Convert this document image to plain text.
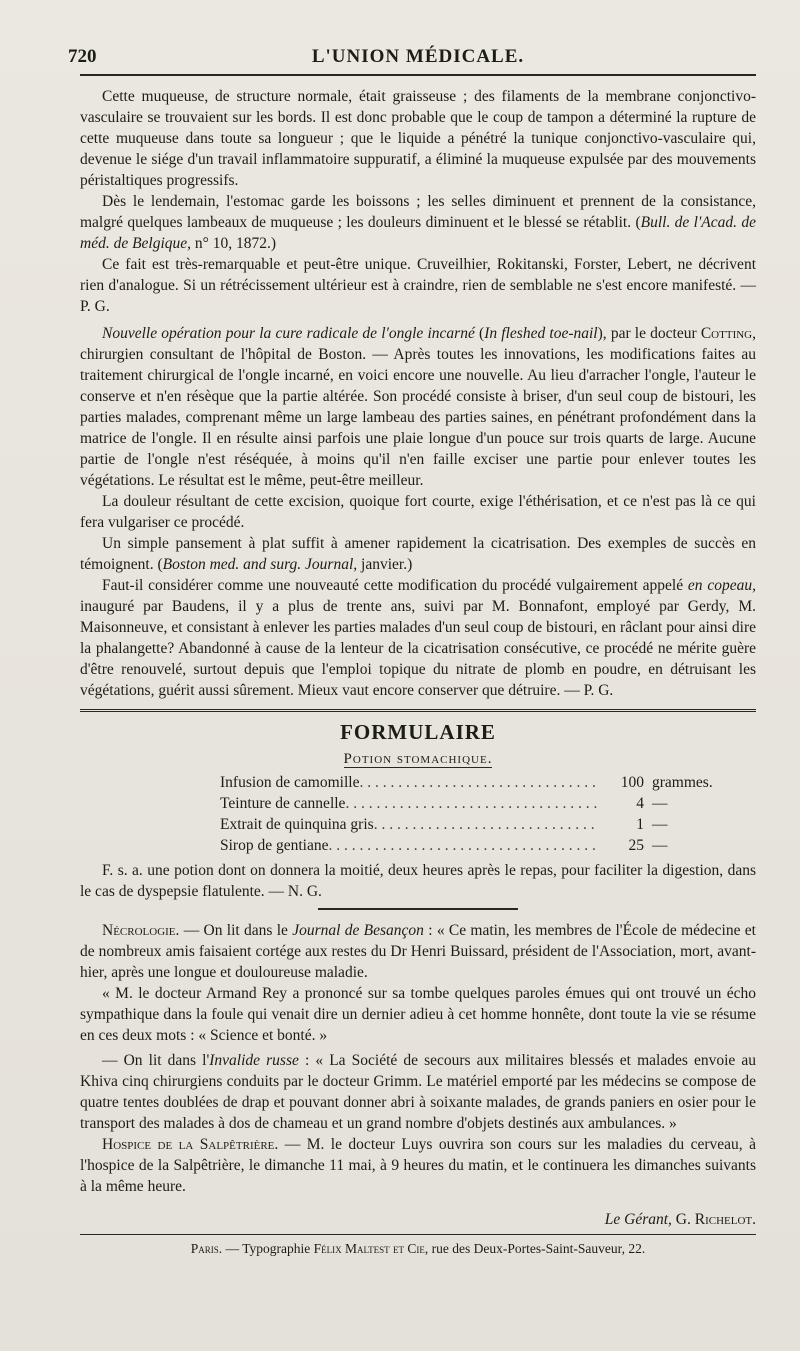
720	L'UNION MÉDICALE.

Cette muqueuse, de structure normale, était graisseuse ; des filaments de la membrane conjonctivo-vasculaire se trouvaient sur les bords. Il est donc probable que le coup de tampon a déterminé la rupture de cette muqueuse dans toute sa longueur ; que le liquide a pénétré la tunique conjonctivo-vasculaire qui, devenue le siége d'un travail inflammatoire suppuratif, a éliminé la muqueuse expulsée par des mouvements péristaltiques progressifs.

Dès le lendemain, l'estomac garde les boissons ; les selles diminuent et prennent de la consistance, malgré quelques lambeaux de muqueuse ; les douleurs diminuent et le blessé se rétablit. (Bull. de l'Acad. de méd. de Belgique, n° 10, 1872.)

Ce fait est très-remarquable et peut-être unique. Cruveilhier, Rokitanski, Forster, Lebert, ne décrivent rien d'analogue. Si un rétrécissement ultérieur est à craindre, rien de semblable ne s'est encore manifesté. — P. G.

Nouvelle opération pour la cure radicale de l'ongle incarné (In fleshed toe-nail), par le docteur Cotting, chirurgien consultant de l'hôpital de Boston. — Après toutes les innovations, les modifications faites au traitement chirurgical de l'ongle incarné, en voici encore une nouvelle. Au lieu d'arracher l'ongle, l'auteur le conserve et n'en résèque que la partie altérée. Son procédé consiste à briser, d'un seul coup de bistouri, les parties malades, comprenant même un large lambeau des parties saines, en pénétrant profondément dans la matrice de l'ongle. Il en résulte ainsi parfois une plaie longue d'un pouce sur trois quarts de large. Aucune partie de l'ongle n'est réséquée, à moins qu'il n'en faille exciser une partie pour enlever toutes les végétations. Le résultat est le même, peut-être meilleur.

La douleur résultant de cette excision, quoique fort courte, exige l'éthérisation, et ce n'est pas là ce qui fera vulgariser ce procédé.

Un simple pansement à plat suffit à amener rapidement la cicatrisation. Des exemples de succès en témoignent. (Boston med. and surg. Journal, janvier.)

Faut-il considérer comme une nouveauté cette modification du procédé vulgairement appelé en copeau, inauguré par Baudens, il y a plus de trente ans, suivi par M. Bonnafont, employé par Gerdy, M. Maisonneuve, et consistant à enlever les parties malades d'un seul coup de bistouri, en râclant pour ainsi dire la phalangette? Abandonné à cause de la lenteur de la cicatrisation consécutive, ce procédé ne mérite guère d'être renouvelé, surtout depuis que l'emploi topique du nitrate de plomb en poudre, en détruisant les végétations, guérit aussi sûrement. Mieux vaut encore conserver que détruire. — P. G.

FORMULAIRE
Potion stomachique.
Infusion de camomille . . .	100 grammes.
Teinture de cannelle . . .	4 —
Extrait de quinquina gris . . .	1 —
Sirop de gentiane . . .	25 —

F. s. a. une potion dont on donnera la moitié, deux heures après le repas, pour faciliter la digestion, dans le cas de dyspepsie flatulente. — N. G.

Nécrologie. — On lit dans le Journal de Besançon : « Ce matin, les membres de l'École de médecine et de nombreux amis faisaient cortége aux restes du Dr Henri Buissard, président de l'Association, mort, avant-hier, après une longue et douloureuse maladie.

« M. le docteur Armand Rey a prononcé sur sa tombe quelques paroles émues qui ont trouvé un écho sympathique dans la foule qui venait dire un dernier adieu à cet homme honnête, dont toute la vie se résume en ces deux mots : « Science et bonté. »

— On lit dans l'Invalide russe : « La Société de secours aux militaires blessés et malades envoie au Khiva cinq chirurgiens conduits par le docteur Grimm. Le matériel emporté par les médecins se compose de quatre tentes doublées de drap et pouvant donner abri à soixante malades, de grands paniers en osier pour le transport des malades à dos de chameau et un grand nombre d'objets destinés aux ambulances. »

Hospice de la Salpêtrière. — M. le docteur Luys ouvrira son cours sur les maladies du cerveau, à l'hospice de la Salpêtrière, le dimanche 11 mai, à 9 heures du matin, et le continuera les dimanches suivants à la même heure.

Le Gérant, G. Richelot.

Paris. — Typographie Félix Maltest et Cie, rue des Deux-Portes-Saint-Sauveur, 22.
